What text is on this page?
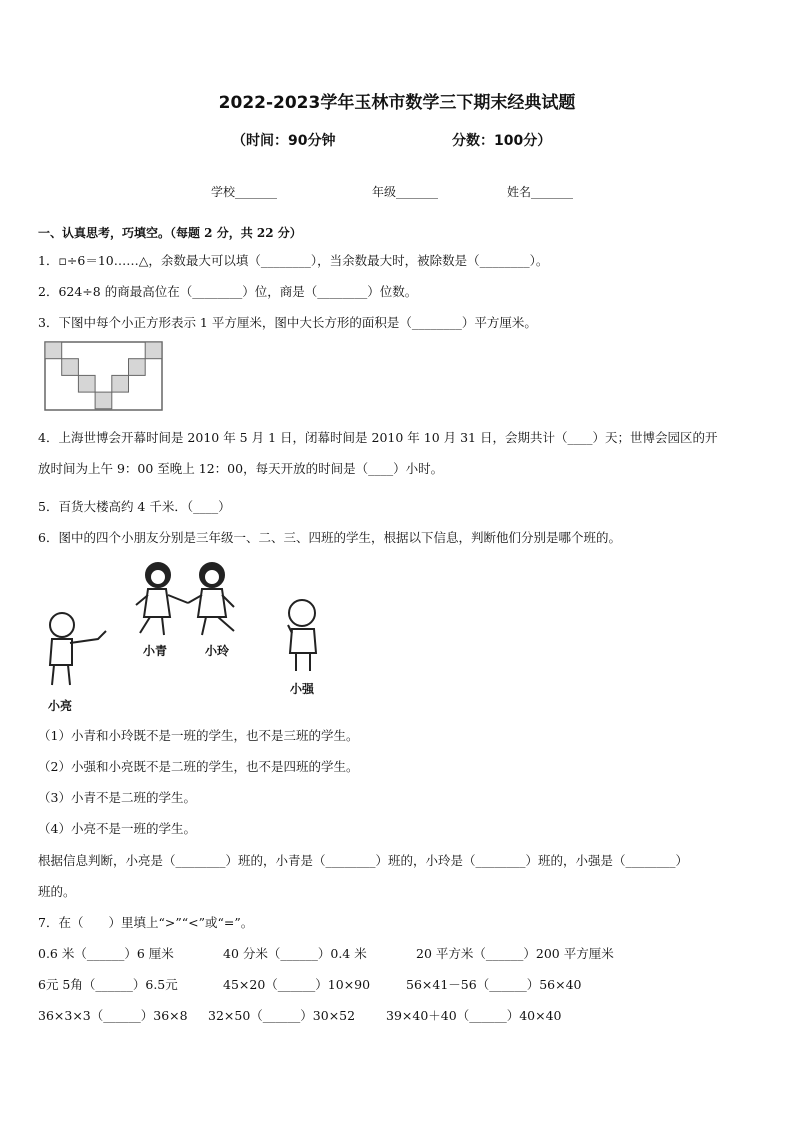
2022-2023学年玉林市数学三下期末经典试题
（时间：90分钟	分数：100分）
学校_______	年级_______	姓名_______
一、认真思考，巧填空。（每题 2 分，共 22 分）
1．▫÷6＝10……△，余数最大可以填（________），当余数最大时，被除数是（________）。
2．624÷8 的商最高位在（________）位，商是（________）位数。
3．下图中每个小正方形表示 1 平方厘米，图中大长方形的面积是（________）平方厘米。
4．上海世博会开幕时间是 2010 年 5 月 1 日，闭幕时间是 2010 年 10 月 31 日，会期共计（____）天；世博会园区的开
放时间为上午 9：00 至晚上 12：00，每天开放的时间是（____）小时。
5．百货大楼高约 4 千米．（____）
6．图中的四个小朋友分别是三年级一、二、三、四班的学生，根据以下信息，判断他们分别是哪个班的。
小青	小玲
小强
小亮
（1）小青和小玲既不是一班的学生，也不是三班的学生。
（2）小强和小亮既不是二班的学生，也不是四班的学生。
（3）小青不是二班的学生。
（4）小亮不是一班的学生。
根据信息判断，小亮是（________）班的，小青是（________）班的，小玲是（________）班的，小强是（________）
班的。
7．在（　　）里填上“>”“<”或“=”。
0.6 米（______）6 厘米	40 分米（______）0.4 米	20 平方米（______）200 平方厘米
6元 5角（______）6.5元	45×20（______）10×90	56×41－56（______）56×40
36×3×3（______）36×8 32×50（______）30×52 39×40＋40（______）40×40
